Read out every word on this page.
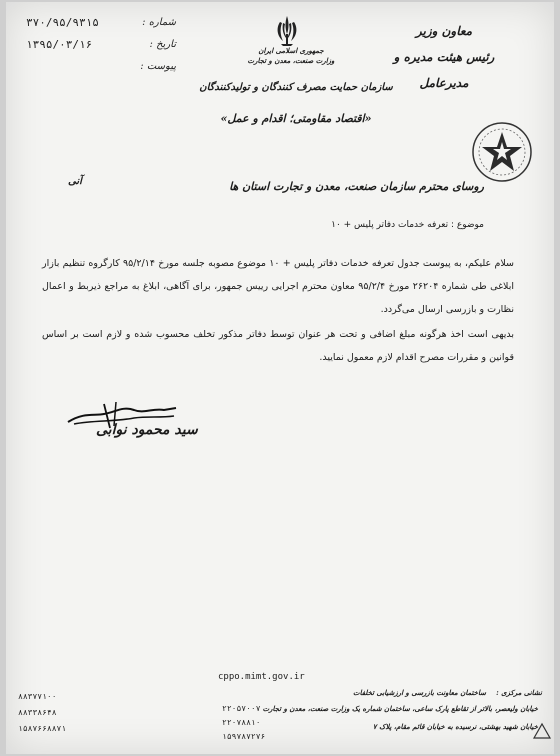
شماره :
۳۷۰/۹۵/۹۳۱۵
تاریخ :
۱۳۹۵/۰۳/۱۶
پیوست :
جمهوری اسلامی ایران
وزارت صنعت، معدن و تجارت
سازمان حمایت مصرف کنندگان و تولیدکنندگان
«اقتصاد مقاومتی؛ اقدام و عمل»
معاون وزیر
رئیس هیئت مدیره و مدیرعامل
آنی	روسای محترم سازمان صنعت، معدن و تجارت استان ها
موضوع : تعرفه خدمات دفاتر پلیس + ۱۰

سلام علیکم، به پیوست جدول تعرفه خدمات دفاتر پلیس + ۱۰ موضوع مصوبه جلسه مورخ ۹۵/۲/۱۴ کارگروه تنظیم بازار ابلاغی طی شماره ۲۶۲۰۴ مورخ ۹۵/۲/۴ معاون محترم اجرایی رییس جمهور، برای آگاهی، ابلاغ به مراجع ذیربط و اعمال نظارت و بازرسی ارسال می‌گردد.

بدیهی است اخذ هرگونه مبلغ اضافی و تحت هر عنوان توسط دفاتر مذکور تخلف محسوب شده و لازم است بر اساس قوانین و مقررات مصرح اقدام لازم معمول نمایید.

سید محمود نوابی
cppo.mimt.gov.ir
نشانی مرکزی :
ساختمان معاونت بازرسی و ارزشیابی تخلفات
خیابان ولیعصر، بالاتر از تقاطع پارک ساعی، ساختمان شماره یک وزارت صنعت، معدن و تجارت
خیابان شهید بهشتی، نرسیده به خیابان قائم مقام، پلاک ۷
۸۸۳۷۷۱۰۰
۸۸۳۳۸۶۴۸
۱۵۸۷۶۶۸۸۷۱
۲۲۰۵۷۰۰۷
۲۲۰۷۸۸۱۰
۱۵۹۷۸۷۲۷۶
